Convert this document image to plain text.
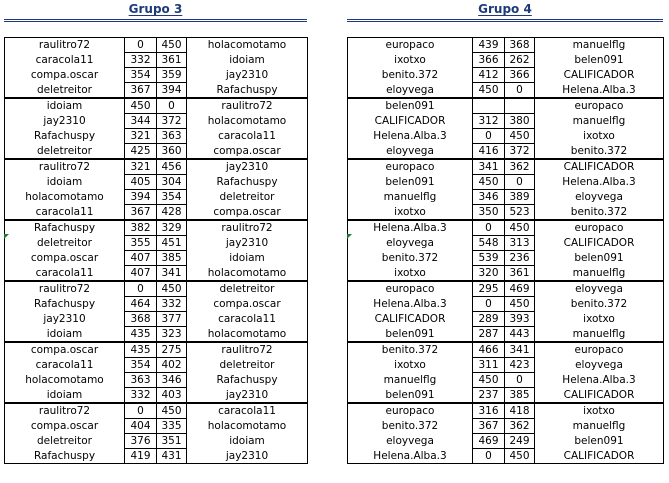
Grupo 3
raulitro72	0	450	holacomotamo
caracola11	332	361	idoiam
compa.oscar	354	359	jay2310
deletreitor	367	394	Rafachuspy
idoiam	450	0	raulitro72
jay2310	344	372	holacomotamo
Rafachuspy	321	363	caracola11
deletreitor	425	360	compa.oscar
raulitro72	321	456	jay2310
idoiam	405	304	Rafachuspy
holacomotamo	394	354	deletreitor
caracola11	367	428	compa.oscar
Rafachuspy	382	329	raulitro72
deletreitor	355	451	jay2310
compa.oscar	407	385	idoiam
caracola11	407	341	holacomotamo
raulitro72	0	450	deletreitor
Rafachuspy	464	332	compa.oscar
jay2310	368	377	caracola11
idoiam	435	323	holacomotamo
compa.oscar	435	275	raulitro72
caracola11	354	402	deletreitor
holacomotamo	363	346	Rafachuspy
idoiam	332	403	jay2310
raulitro72	0	450	caracola11
compa.oscar	404	335	holacomotamo
deletreitor	376	351	idoiam
Rafachuspy	419	431	jay2310
Grupo 4
europaco	439	368	manuelflg
ixotxo	366	262	belen091
benito.372	412	366	CALIFICADOR
eloyvega	450	0	Helena.Alba.3
belen091			europaco
CALIFICADOR	312	380	manuelflg
Helena.Alba.3	0	450	ixotxo
eloyvega	416	372	benito.372
europaco	341	362	CALIFICADOR
belen091	450	0	Helena.Alba.3
manuelflg	346	389	eloyvega
ixotxo	350	523	benito.372
Helena.Alba.3	0	450	europaco
eloyvega	548	313	CALIFICADOR
benito.372	539	236	belen091
ixotxo	320	361	manuelflg
europaco	295	469	eloyvega
Helena.Alba.3	0	450	benito.372
CALIFICADOR	289	393	ixotxo
belen091	287	443	manuelflg
benito.372	466	341	europaco
ixotxo	311	423	eloyvega
manuelflg	450	0	Helena.Alba.3
belen091	237	385	CALIFICADOR
europaco	316	418	ixotxo
benito.372	367	362	manuelflg
eloyvega	469	249	belen091
Helena.Alba.3	0	450	CALIFICADOR
